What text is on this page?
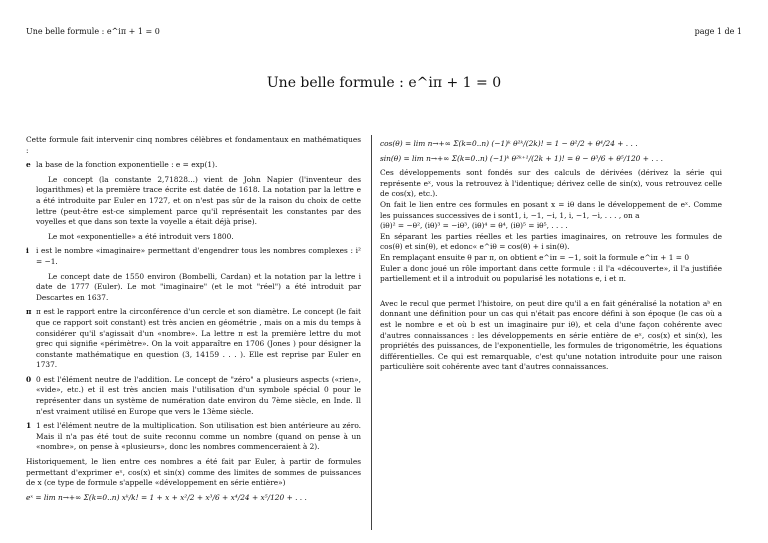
Une belle formule : e^iπ + 1 = 0	page 1 de 1
Une belle formule : e^iπ + 1 = 0

Cette formule fait intervenir cinq nombres célèbres et fondamentaux en mathématiques :

e la base de la fonction exponentielle : e = exp(1).

Le concept (la constante 2,71828...) vient de John Napier (l'inventeur des logarithmes) et la première trace écrite est datée de 1618. La notation par la lettre e a été introduite par Euler en 1727, et on n'est pas sûr de la raison du choix de cette lettre (peut-être est-ce simplement parce qu'il représentait les constantes par des voyelles et que dans son texte la voyelle a était déjà prise).

Le mot «exponentielle» a été introduit vers 1800.

i i est le nombre «imaginaire» permettant d'engendrer tous les nombres complexes : i² = −1.

Le concept date de 1550 environ (Bombelli, Cardan) et la notation par la lettre i date de 1777 (Euler). Le mot "imaginaire" (et le mot "réel") a été introduit par Descartes en 1637.

π π est le rapport entre la circonférence d'un cercle et son diamètre. Le concept (le fait que ce rapport soit constant) est très ancien en géométrie , mais on a mis du temps à considérer qu'il s'agissait d'un «nombre». La lettre π est la première lettre du mot grec qui signifie «périmètre». On la voit apparaître en 1706 (Jones ) pour désigner la constante mathématique en question (3, 14159 . . . ). Elle est reprise par Euler en 1737.

0 0 est l'élément neutre de l'addition. Le concept de "zéro" a plusieurs aspects («rien», «vide», etc.) et il est très ancien mais l'utilisation d'un symbole spécial 0 pour le représenter dans un système de numération date environ du 7ème siècle, en Inde. Il n'est vraiment utilisé en Europe que vers le 13ème siècle.

1 1 est l'élément neutre de la multiplication. Son utilisation est bien antérieure au zéro. Mais il n'a pas été tout de suite reconnu comme un nombre (quand on pense à un «nombre», on pense à «plusieurs», donc les nombres commenceraient à 2).

Historiquement, le lien entre ces nombres a été fait par Euler, à partir de formules permettant d'exprimer eˣ, cos(x) et sin(x) comme des limites de sommes de puissances de x (ce type de formule s'appelle «développement en série entière»)

eˣ = lim n→+∞ Σ(k=0..n) xᵏ/k! = 1 + x + x²/2 + x³/6 + x⁴/24 + x⁵/120 + . . .

cos(θ) = lim n→+∞ Σ(k=0..n) (−1)ᵏ θ²ᵏ/(2k)! = 1 − θ²/2 + θ⁴/24 + . . .

sin(θ) = lim n→+∞ Σ(k=0..n) (−1)ᵏ θ²ᵏ⁺¹/(2k + 1)! = θ − θ³/6 + θ⁵/120 + . . .

Ces développements sont fondés sur des calculs de dérivées (dérivez la série qui représente eˣ, vous la retrouvez à l'identique; dérivez celle de sin(x), vous retrouvez celle de cos(x), etc.).

On fait le lien entre ces formules en posant x = iθ dans le développement de eˣ. Comme les puissances successives de i sont1, i, −1, −i, 1, i, −1, −i, . . . , on a

(iθ)² = −θ², (iθ)³ = −iθ³, (iθ)⁴ = θ⁴, (iθ)⁵ = iθ⁵, . . . .

En séparant les parties réelles et les parties imaginaires, on retrouve les formules de cos(θ) et sin(θ), et edonc« e^iθ = cos(θ) + i sin(θ).

En remplaçant ensuite θ par π, on obtient e^iπ = −1, soit la formule e^iπ + 1 = 0

Euler a donc joué un rôle important dans cette formule : il l'a «découverte», il l'a justifiée partiellement et il a introduit ou popularisé les notations e, i et π.

Avec le recul que permet l'histoire, on peut dire qu'il a en fait généralisé la notation aᵇ en donnant une définition pour un cas qui n'était pas encore défini à son époque (le cas où a est le nombre e et où b est un imaginaire pur iθ), et cela d'une façon cohérente avec d'autres connaissances : les développements en série entière de eˣ, cos(x) et sin(x), les propriétés des puissances, de l'exponentielle, les formules de trigonométrie, les équations différentielles. Ce qui est remarquable, c'est qu'une notation introduite pour une raison particulière soit cohérente avec tant d'autres connaissances.
